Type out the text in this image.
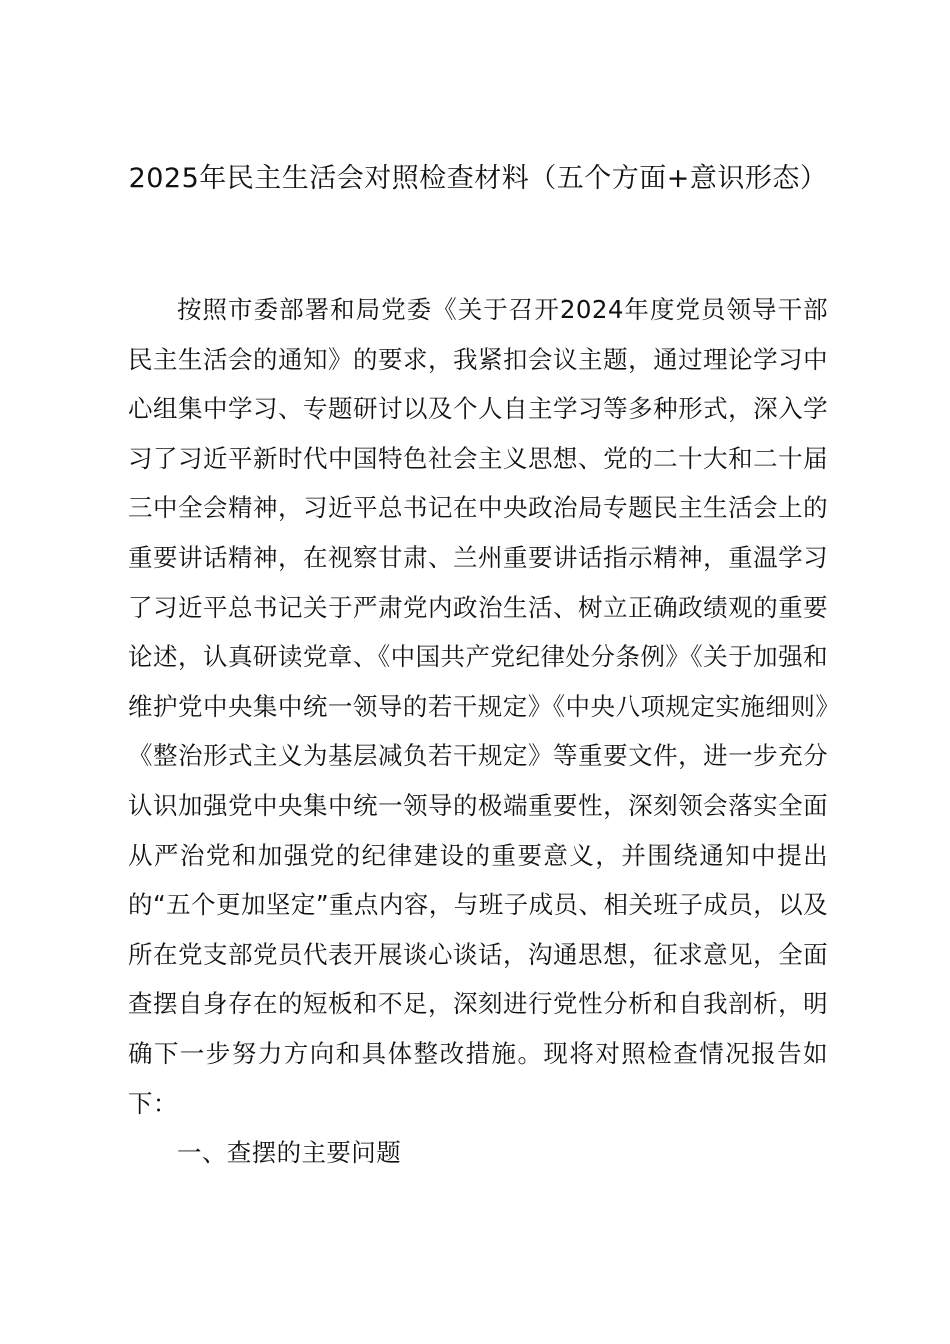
2025年民主生活会对照检查材料（五个方面+意识形态）

按照市委部署和局党委《关于召开2024年度党员领导干部民主生活会的通知》的要求，我紧扣会议主题，通过理论学习中心组集中学习、专题研讨以及个人自主学习等多种形式，深入学习了习近平新时代中国特色社会主义思想、党的二十大和二十届三中全会精神，习近平总书记在中央政治局专题民主生活会上的重要讲话精神，在视察甘肃、兰州重要讲话指示精神，重温学习了习近平总书记关于严肃党内政治生活、树立正确政绩观的重要论述，认真研读党章、《中国共产党纪律处分条例》《关于加强和维护党中央集中统一领导的若干规定》《中央八项规定实施细则》《整治形式主义为基层减负若干规定》等重要文件，进一步充分认识加强党中央集中统一领导的极端重要性，深刻领会落实全面从严治党和加强党的纪律建设的重要意义，并围绕通知中提出的“五个更加坚定”重点内容，与班子成员、相关班子成员，以及所在党支部党员代表开展谈心谈话，沟通思想，征求意见，全面查摆自身存在的短板和不足，深刻进行党性分析和自我剖析，明确下一步努力方向和具体整改措施。现将对照检查情况报告如下：

一、查摆的主要问题
